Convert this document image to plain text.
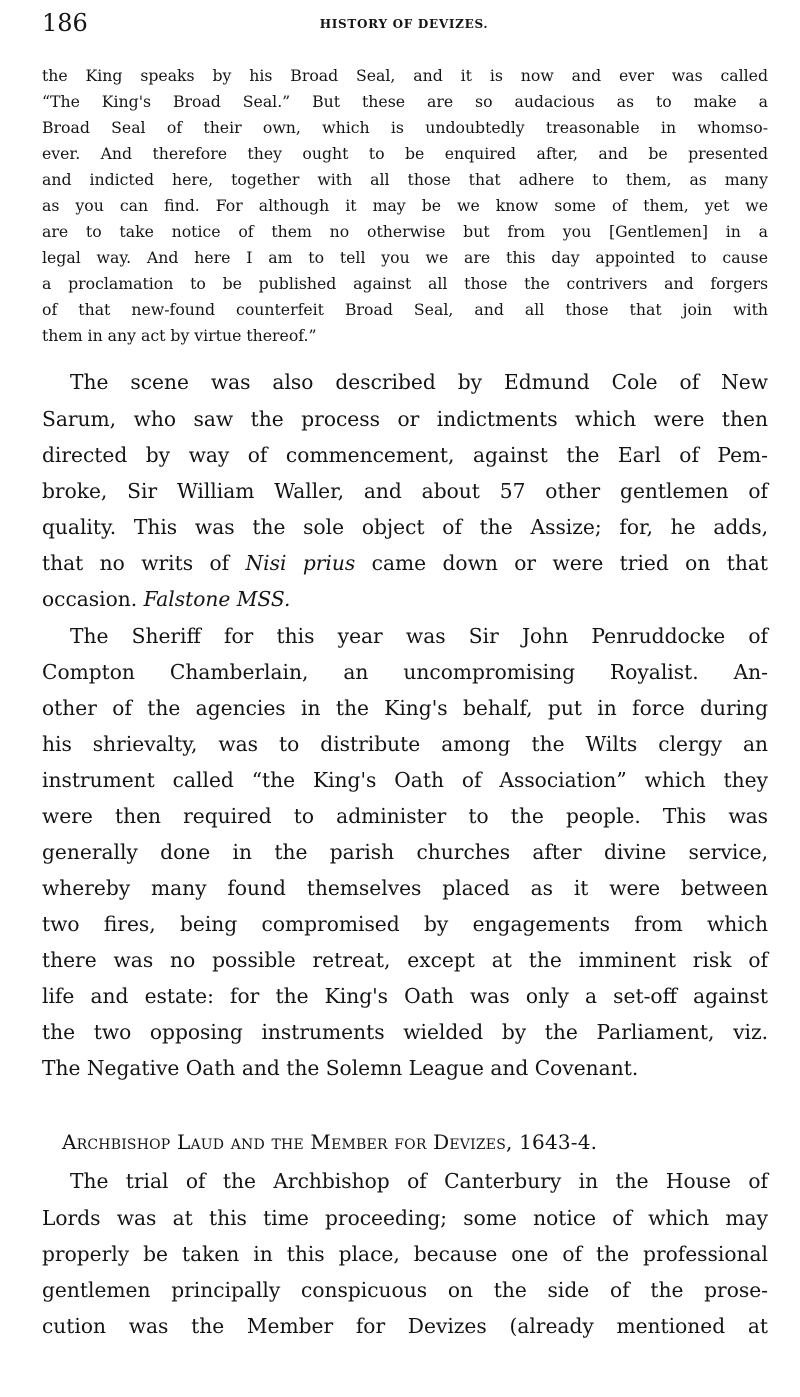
186	HISTORY OF DEVIZES.
the King speaks by his Broad Seal, and it is now and ever was called
“The King's Broad Seal.” But these are so audacious as to make a
Broad Seal of their own, which is undoubtedly treasonable in whomso-
ever. And therefore they ought to be enquired after, and be presented
and indicted here, together with all those that adhere to them, as many
as you can find. For although it may be we know some of them, yet we
are to take notice of them no otherwise but from you [Gentlemen] in a
legal way. And here I am to tell you we are this day appointed to cause
a proclamation to be published against all those the contrivers and forgers
of that new-found counterfeit Broad Seal, and all those that join with
them in any act by virtue thereof.”
The scene was also described by Edmund Cole of New
Sarum, who saw the process or indictments which were then
directed by way of commencement, against the Earl of Pem-
broke, Sir William Waller, and about 57 other gentlemen of
quality. This was the sole object of the Assize; for, he adds,
that no writs of Nisi prius came down or were tried on that
occasion. Falstone MSS.
The Sheriff for this year was Sir John Penruddocke of
Compton Chamberlain, an uncompromising Royalist. An-
other of the agencies in the King's behalf, put in force during
his shrievalty, was to distribute among the Wilts clergy an
instrument called “the King's Oath of Association” which they
were then required to administer to the people. This was
generally done in the parish churches after divine service,
whereby many found themselves placed as it were between
two fires, being compromised by engagements from which
there was no possible retreat, except at the imminent risk of
life and estate: for the King's Oath was only a set-off against
the two opposing instruments wielded by the Parliament, viz.
The Negative Oath and the Solemn League and Covenant.
Archbishop Laud and the Member for Devizes, 1643-4.
The trial of the Archbishop of Canterbury in the House of
Lords was at this time proceeding; some notice of which may
properly be taken in this place, because one of the professional
gentlemen principally conspicuous on the side of the prose-
cution was the Member for Devizes (already mentioned at
